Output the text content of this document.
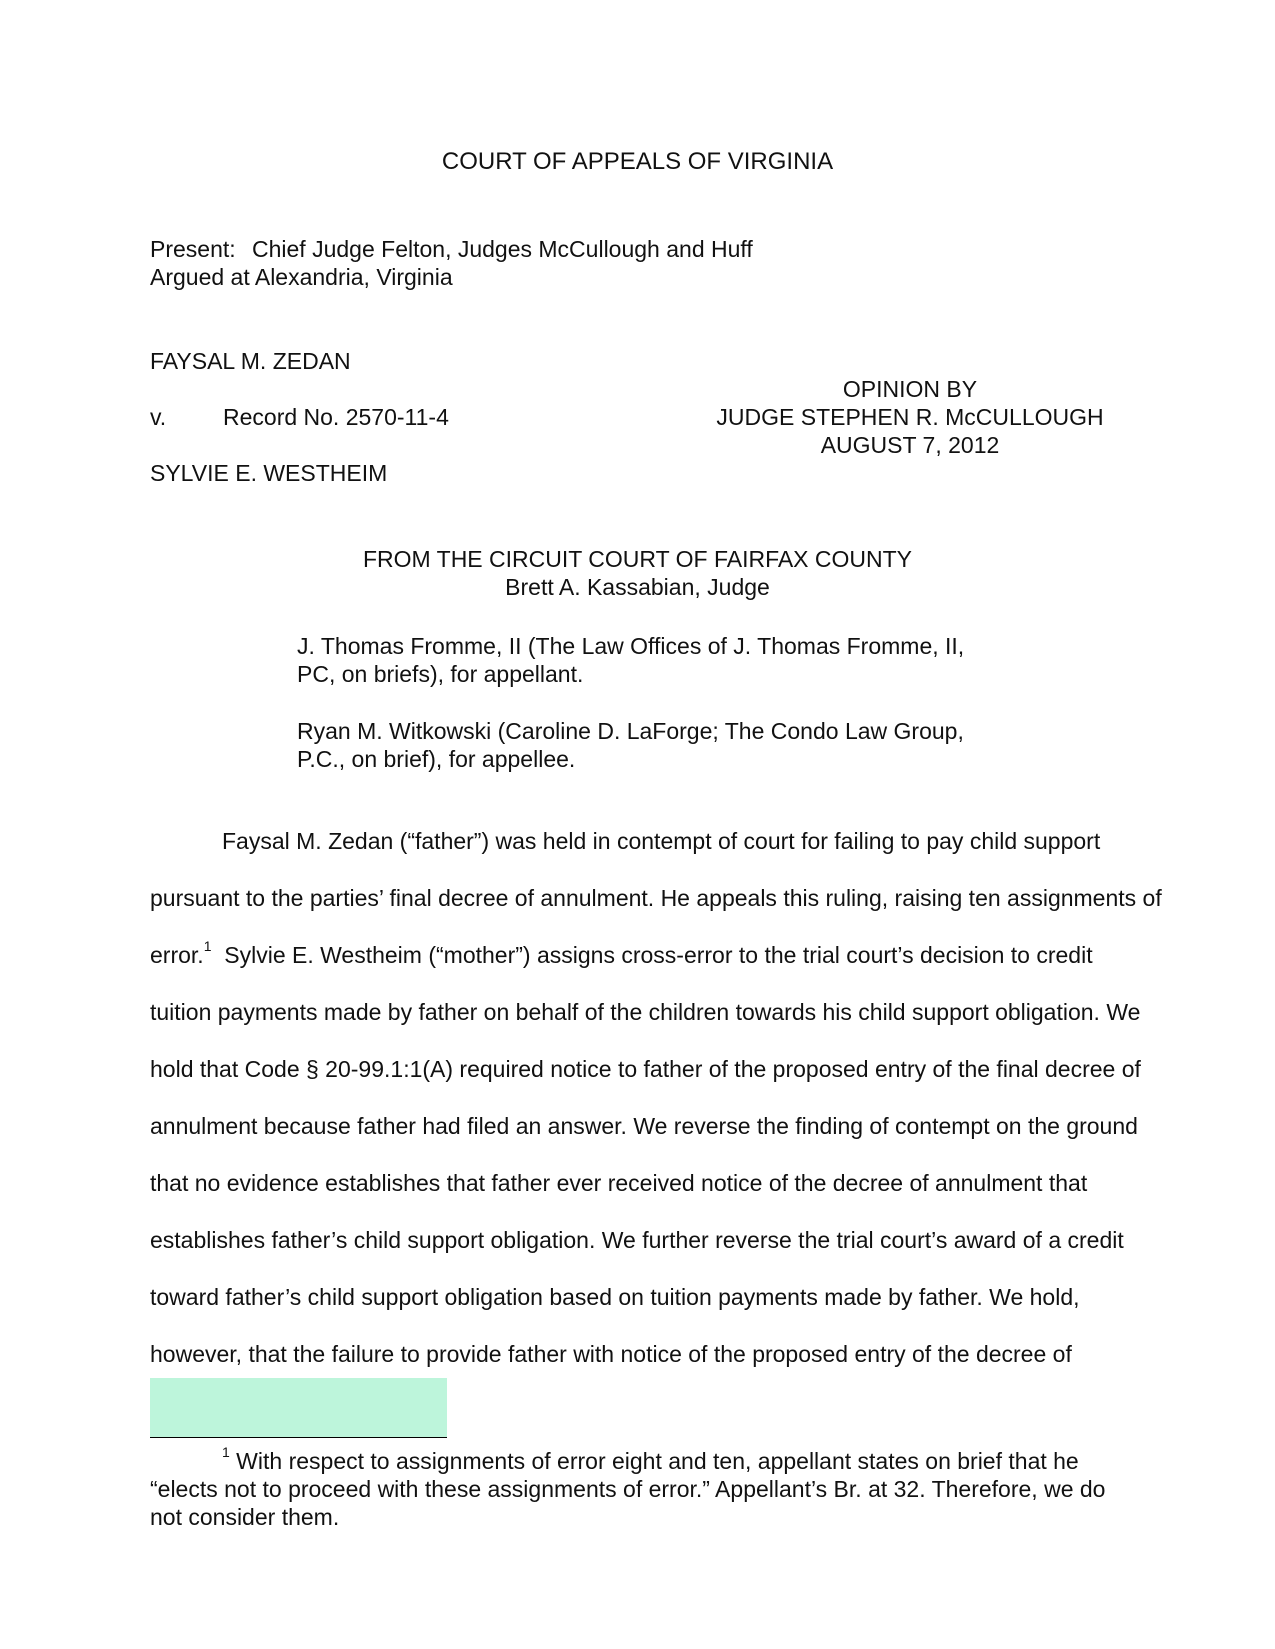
COURT OF APPEALS OF VIRGINIA
Present: Chief Judge Felton, Judges McCullough and Huff
Argued at Alexandria, Virginia
FAYSAL M. ZEDAN
v. Record No. 2570-11-4
SYLVIE E. WESTHEIM
OPINION BY
JUDGE STEPHEN R. McCULLOUGH
AUGUST 7, 2012
FROM THE CIRCUIT COURT OF FAIRFAX COUNTY
Brett A. Kassabian, Judge
J. Thomas Fromme, II (The Law Offices of J. Thomas Fromme, II,
PC, on briefs), for appellant.
Ryan M. Witkowski (Caroline D. LaForge; The Condo Law Group,
P.C., on brief), for appellee.
Faysal M. Zedan (“father”) was held in contempt of court for failing to pay child support
pursuant to the parties’ final decree of annulment. He appeals this ruling, raising ten assignments of
error.$^1$  Sylvie E. Westheim (“mother”) assigns cross-error to the trial court’s decision to credit
tuition payments made by father on behalf of the children towards his child support obligation. We
hold that Code § 20-99.1:1(A) required notice to father of the proposed entry of the final decree of
annulment because father had filed an answer. We reverse the finding of contempt on the ground
that no evidence establishes that father ever received notice of the decree of annulment that
establishes father’s child support obligation. We further reverse the trial court’s award of a credit
toward father’s child support obligation based on tuition payments made by father. We hold,
however, that the failure to provide father with notice of the proposed entry of the decree of
$^1$ With respect to assignments of error eight and ten, appellant states on brief that he
“elects not to proceed with these assignments of error.” Appellant’s Br. at 32. Therefore, we do
not consider them.
